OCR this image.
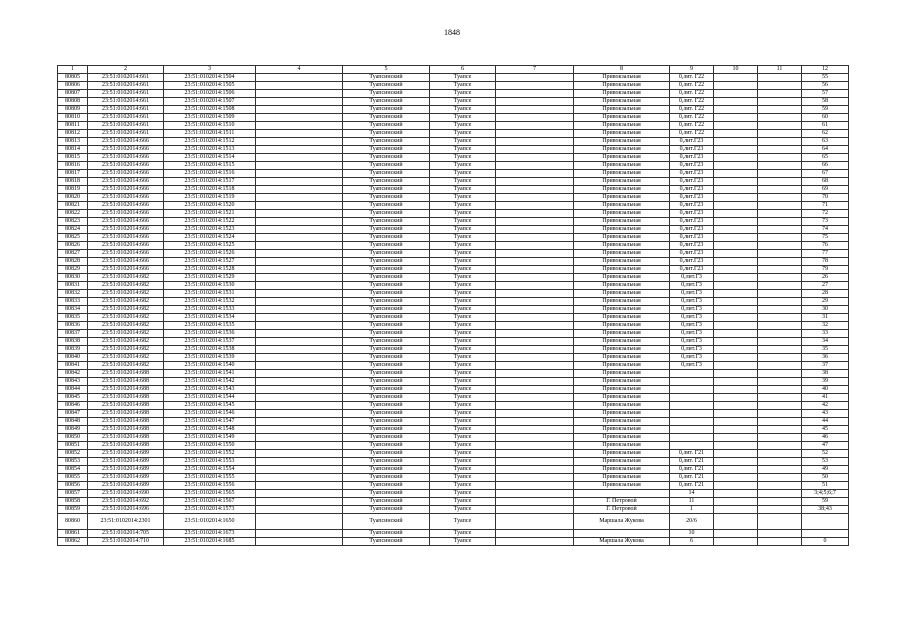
1848
1	2	3	4	5	6	7	8	9	10	11	12
80805	23:51:0102014:661	23:51:0102014:1504		Туапсинский	Туапсе		Привокзальная	0,лит. Г22			55
80806	23:51:0102014:661	23:51:0102014:1505		Туапсинский	Туапсе		Привокзальная	0,лит. Г22			56
80807	23:51:0102014:661	23:51:0102014:1506		Туапсинский	Туапсе		Привокзальная	0,лит. Г22			57
80808	23:51:0102014:661	23:51:0102014:1507		Туапсинский	Туапсе		Привокзальная	0,лит. Г22			58
80809	23:51:0102014:661	23:51:0102014:1508		Туапсинский	Туапсе		Привокзальная	0,лит. Г22			59
80810	23:51:0102014:661	23:51:0102014:1509		Туапсинский	Туапсе		Привокзальная	0,лит. Г22			60
80811	23:51:0102014:661	23:51:0102014:1510		Туапсинский	Туапсе		Привокзальная	0,лит. Г22			61
80812	23:51:0102014:661	23:51:0102014:1511		Туапсинский	Туапсе		Привокзальная	0,лит. Г22			62
80813	23:51:0102014:666	23:51:0102014:1512		Туапсинский	Туапсе		Привокзальная	0,лит.Г23			63
80814	23:51:0102014:666	23:51:0102014:1513		Туапсинский	Туапсе		Привокзальная	0,лит.Г23			64
80815	23:51:0102014:666	23:51:0102014:1514		Туапсинский	Туапсе		Привокзальная	0,лит.Г23			65
80816	23:51:0102014:666	23:51:0102014:1515		Туапсинский	Туапсе		Привокзальная	0,лит.Г23			66
80817	23:51:0102014:666	23:51:0102014:1516		Туапсинский	Туапсе		Привокзальная	0,лит.Г23			67
80818	23:51:0102014:666	23:51:0102014:1517		Туапсинский	Туапсе		Привокзальная	0,лит.Г23			68
80819	23:51:0102014:666	23:51:0102014:1518		Туапсинский	Туапсе		Привокзальная	0,лит.Г23			69
80820	23:51:0102014:666	23:51:0102014:1519		Туапсинский	Туапсе		Привокзальная	0,лит.Г23			70
80821	23:51:0102014:666	23:51:0102014:1520		Туапсинский	Туапсе		Привокзальная	0,лит.Г23			71
80822	23:51:0102014:666	23:51:0102014:1521		Туапсинский	Туапсе		Привокзальная	0,лит.Г23			72
80823	23:51:0102014:666	23:51:0102014:1522		Туапсинский	Туапсе		Привокзальная	0,лит.Г23			73
80824	23:51:0102014:666	23:51:0102014:1523		Туапсинский	Туапсе		Привокзальная	0,лит.Г23			74
80825	23:51:0102014:666	23:51:0102014:1524		Туапсинский	Туапсе		Привокзальная	0,лит.Г23			75
80826	23:51:0102014:666	23:51:0102014:1525		Туапсинский	Туапсе		Привокзальная	0,лит.Г23			76
80827	23:51:0102014:666	23:51:0102014:1526		Туапсинский	Туапсе		Привокзальная	0,лит.Г23			77
80828	23:51:0102014:666	23:51:0102014:1527		Туапсинский	Туапсе		Привокзальная	0,лит.Г23			78
80829	23:51:0102014:666	23:51:0102014:1528		Туапсинский	Туапсе		Привокзальная	0,лит.Г23			79
80830	23:51:0102014:682	23:51:0102014:1529		Туапсинский	Туапсе		Привокзальная	0,лит.Г3			26
80831	23:51:0102014:682	23:51:0102014:1530		Туапсинский	Туапсе		Привокзальная	0,лит.Г3			27
80832	23:51:0102014:682	23:51:0102014:1531		Туапсинский	Туапсе		Привокзальная	0,лит.Г3			28
80833	23:51:0102014:682	23:51:0102014:1532		Туапсинский	Туапсе		Привокзальная	0,лит.Г3			29
80834	23:51:0102014:682	23:51:0102014:1533		Туапсинский	Туапсе		Привокзальная	0,лит.Г3			30
80835	23:51:0102014:682	23:51:0102014:1534		Туапсинский	Туапсе		Привокзальная	0,лит.Г3			31
80836	23:51:0102014:682	23:51:0102014:1535		Туапсинский	Туапсе		Привокзальная	0,лит.Г3			32
80837	23:51:0102014:682	23:51:0102014:1536		Туапсинский	Туапсе		Привокзальная	0,лит.Г3			33
80838	23:51:0102014:682	23:51:0102014:1537		Туапсинский	Туапсе		Привокзальная	0,лит.Г3			34
80839	23:51:0102014:682	23:51:0102014:1538		Туапсинский	Туапсе		Привокзальная	0,лит.Г3			35
80840	23:51:0102014:682	23:51:0102014:1539		Туапсинский	Туапсе		Привокзальная	0,лит.Г3			36
80841	23:51:0102014:682	23:51:0102014:1540		Туапсинский	Туапсе		Привокзальная	0,лит.Г3			37
80842	23:51:0102014:688	23:51:0102014:1541		Туапсинский	Туапсе		Привокзальная				38
80843	23:51:0102014:688	23:51:0102014:1542		Туапсинский	Туапсе		Привокзальная				39
80844	23:51:0102014:688	23:51:0102014:1543		Туапсинский	Туапсе		Привокзальная				40
80845	23:51:0102014:688	23:51:0102014:1544		Туапсинский	Туапсе		Привокзальная				41
80846	23:51:0102014:688	23:51:0102014:1545		Туапсинский	Туапсе		Привокзальная				42
80847	23:51:0102014:688	23:51:0102014:1546		Туапсинский	Туапсе		Привокзальная				43
80848	23:51:0102014:688	23:51:0102014:1547		Туапсинский	Туапсе		Привокзальная				44
80849	23:51:0102014:688	23:51:0102014:1548		Туапсинский	Туапсе		Привокзальная				45
80850	23:51:0102014:688	23:51:0102014:1549		Туапсинский	Туапсе		Привокзальная				46
80851	23:51:0102014:688	23:51:0102014:1550		Туапсинский	Туапсе		Привокзальная				47
80852	23:51:0102014:689	23:51:0102014:1552		Туапсинский	Туапсе		Привокзальная	0,лит. Г21			52
80853	23:51:0102014:689	23:51:0102014:1553		Туапсинский	Туапсе		Привокзальная	0,лит. Г21			53
80854	23:51:0102014:689	23:51:0102014:1554		Туапсинский	Туапсе		Привокзальная	0,лит. Г21			49
80855	23:51:0102014:689	23:51:0102014:1555		Туапсинский	Туапсе		Привокзальная	0,лит. Г21			50
80856	23:51:0102014:689	23:51:0102014:1556		Туапсинский	Туапсе		Привокзальная	0,лит. Г21			51
80857	23:51:0102014:690	23:51:0102014:1565		Туапсинский	Туапсе			14			3;4;5;6;7
80858	23:51:0102014:692	23:51:0102014:1567		Туапсинский	Туапсе		Г. Петровой	11			59
80859	23:51:0102014:696	23:51:0102014:1573		Туапсинский	Туапсе		Г. Петровой	1			38;43
80860	23:51:0102014:2301	23:51:0102014:1650		Туапсинский	Туапсе		Маршала Жукова	20/6			
80861	23:51:0102014:705	23:51:0102014:1673		Туапсинский	Туапсе			10			
80862	23:51:0102014:710	23:51:0102014:1685		Туапсинский	Туапсе		Маршала Жукова	6			0
